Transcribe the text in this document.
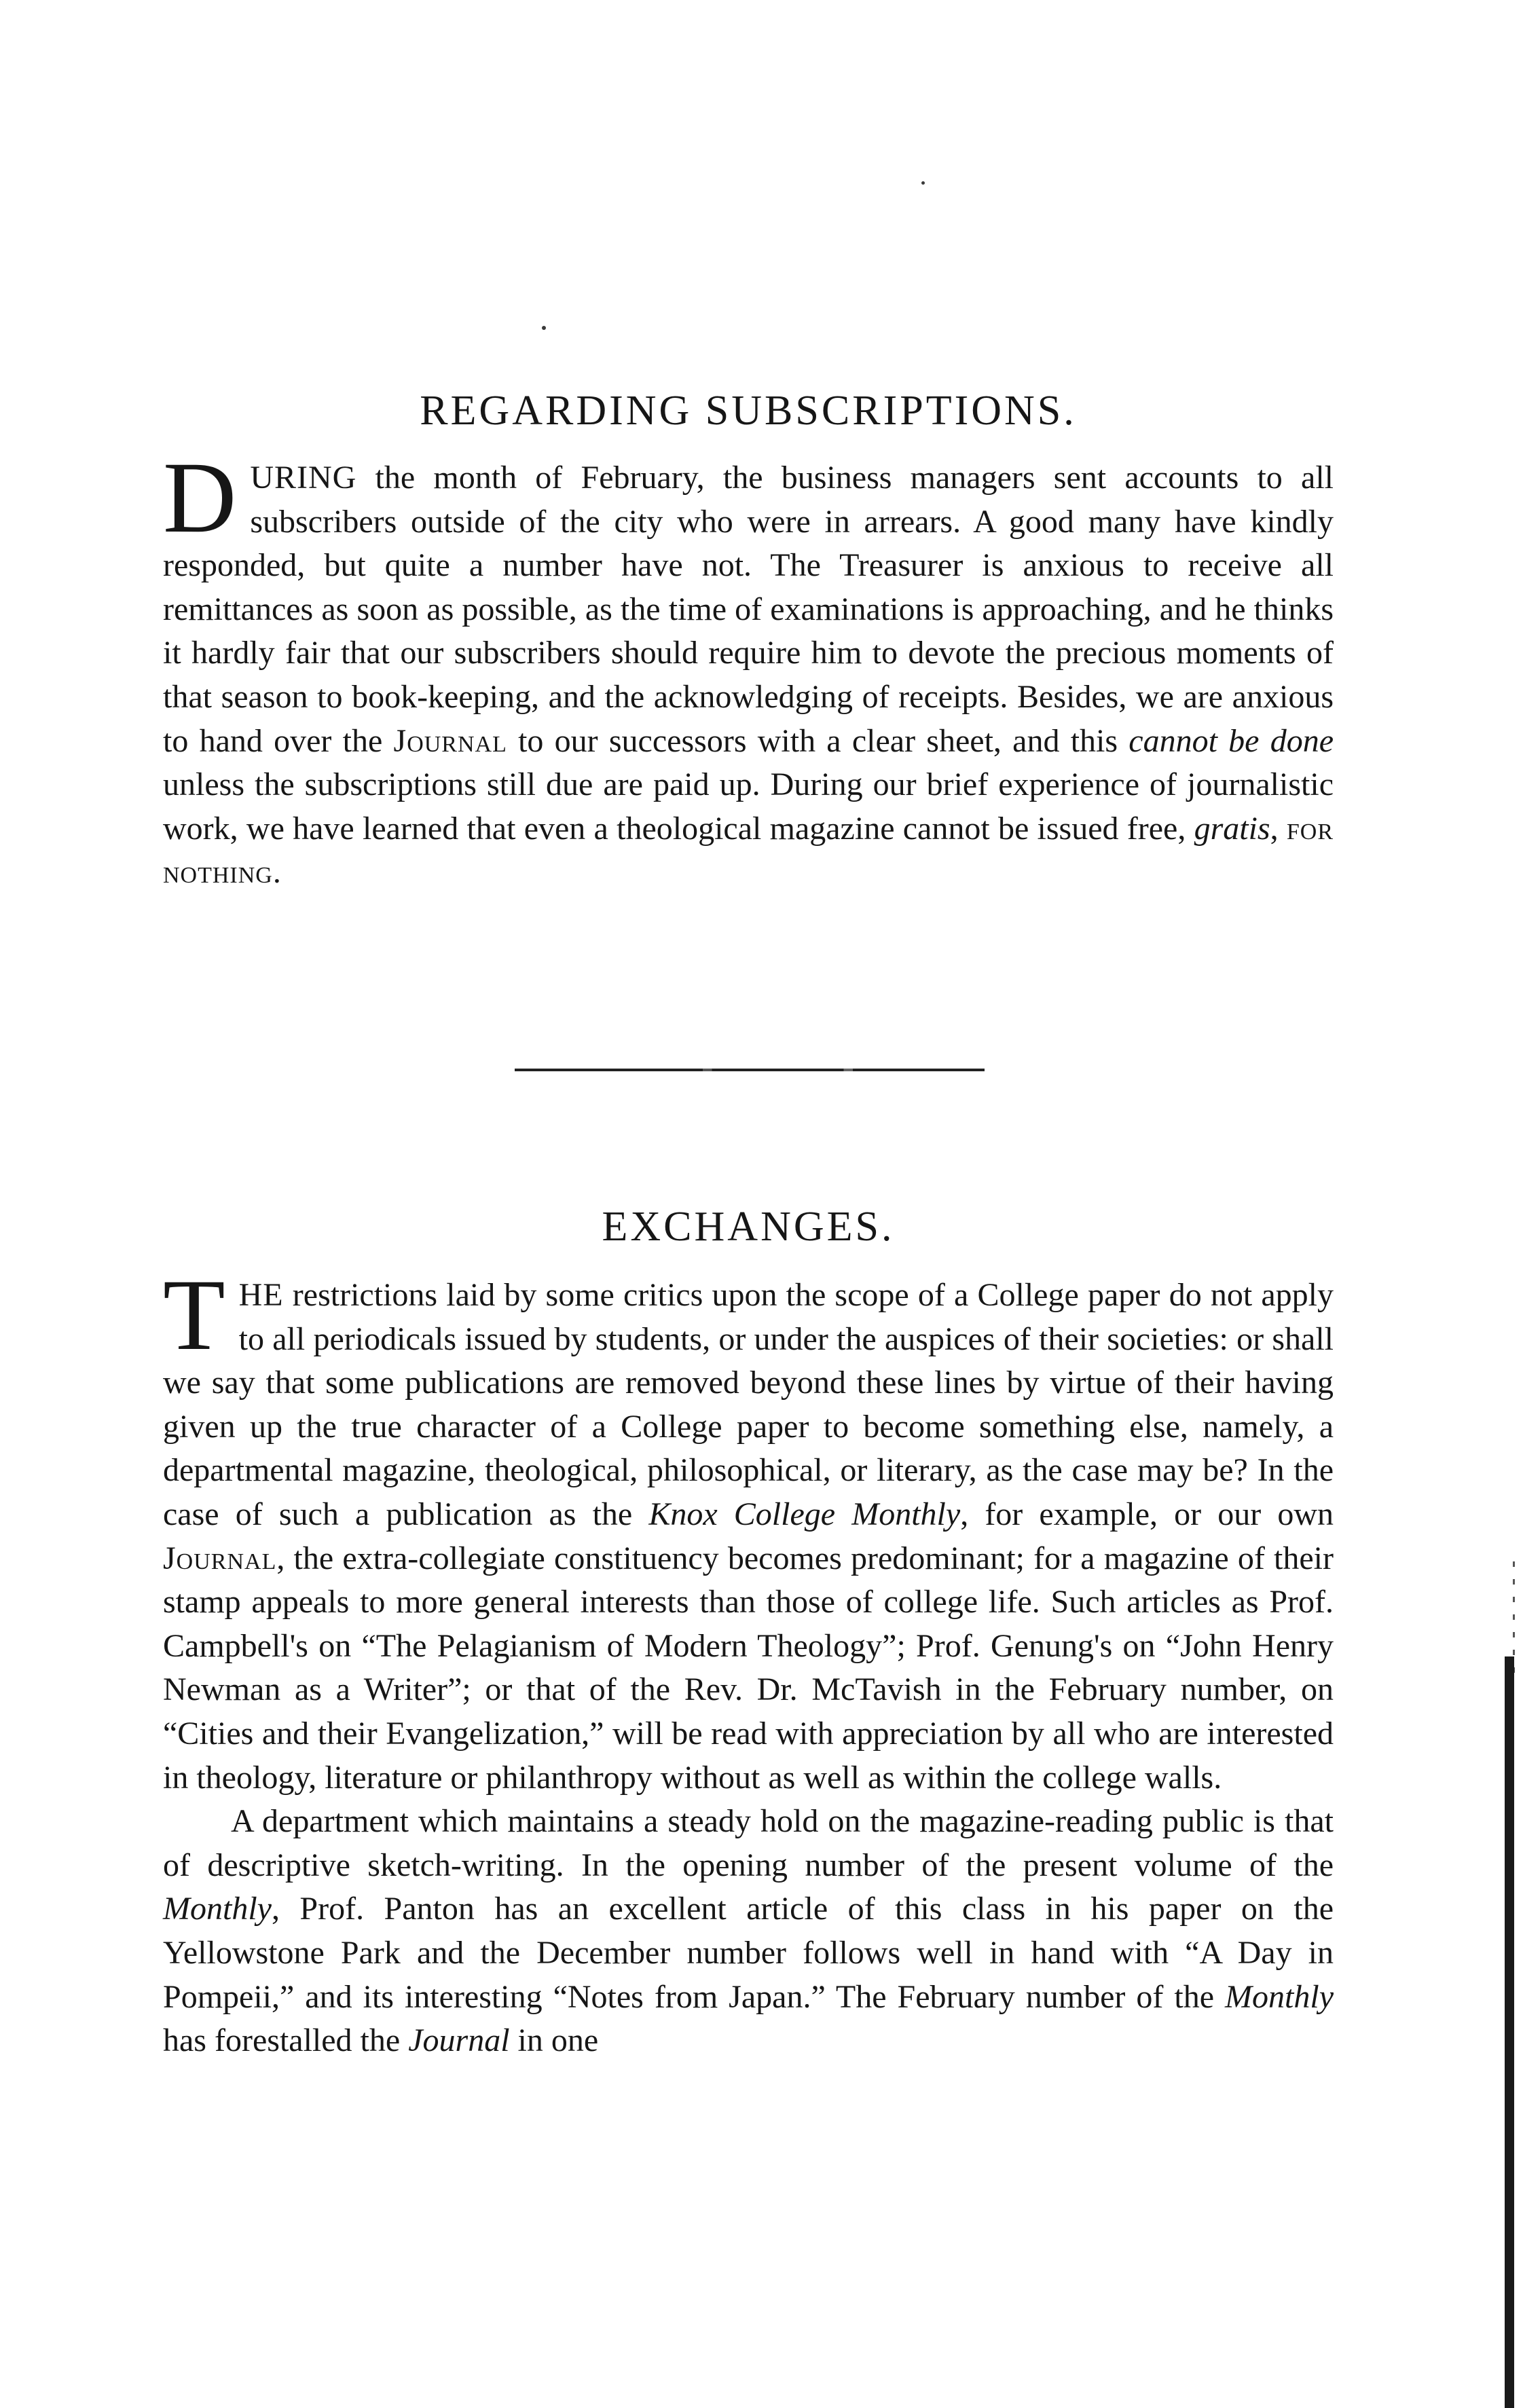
REGARDING SUBSCRIPTIONS.

DURING the month of February, the business managers sent accounts to all subscribers outside of the city who were in arrears. A good many have kindly responded, but quite a number have not. The Treasurer is anxious to receive all remittances as soon as possible, as the time of examinations is approaching, and he thinks it hardly fair that our subscribers should require him to devote the precious moments of that season to book-keeping, and the acknowledging of receipts. Besides, we are anxious to hand over the Journal to our successors with a clear sheet, and this cannot be done unless the subscriptions still due are paid up. During our brief experience of journalistic work, we have learned that even a theological magazine cannot be issued free, gratis, for nothing.

EXCHANGES.

THE restrictions laid by some critics upon the scope of a College paper do not apply to all periodicals issued by students, or under the auspices of their societies: or shall we say that some publications are removed beyond these lines by virtue of their having given up the true character of a College paper to become something else, namely, a departmental magazine, theological, philosophical, or literary, as the case may be? In the case of such a publication as the Knox College Monthly, for example, or our own Journal, the extra-collegiate constituency becomes predominant; for a magazine of their stamp appeals to more general interests than those of college life. Such articles as Prof. Campbell's on “The Pelagianism of Modern Theology”; Prof. Genung's on “John Henry Newman as a Writer”; or that of the Rev. Dr. McTavish in the February number, on “Cities and their Evangelization,” will be read with appreciation by all who are interested in theology, literature or philanthropy without as well as within the college walls.

A department which maintains a steady hold on the magazine-reading public is that of descriptive sketch-writing. In the opening number of the present volume of the Monthly, Prof. Panton has an excellent article of this class in his paper on the Yellowstone Park and the December number follows well in hand with “A Day in Pompeii,” and its interesting “Notes from Japan.” The February number of the Monthly has forestalled the Journal in one
